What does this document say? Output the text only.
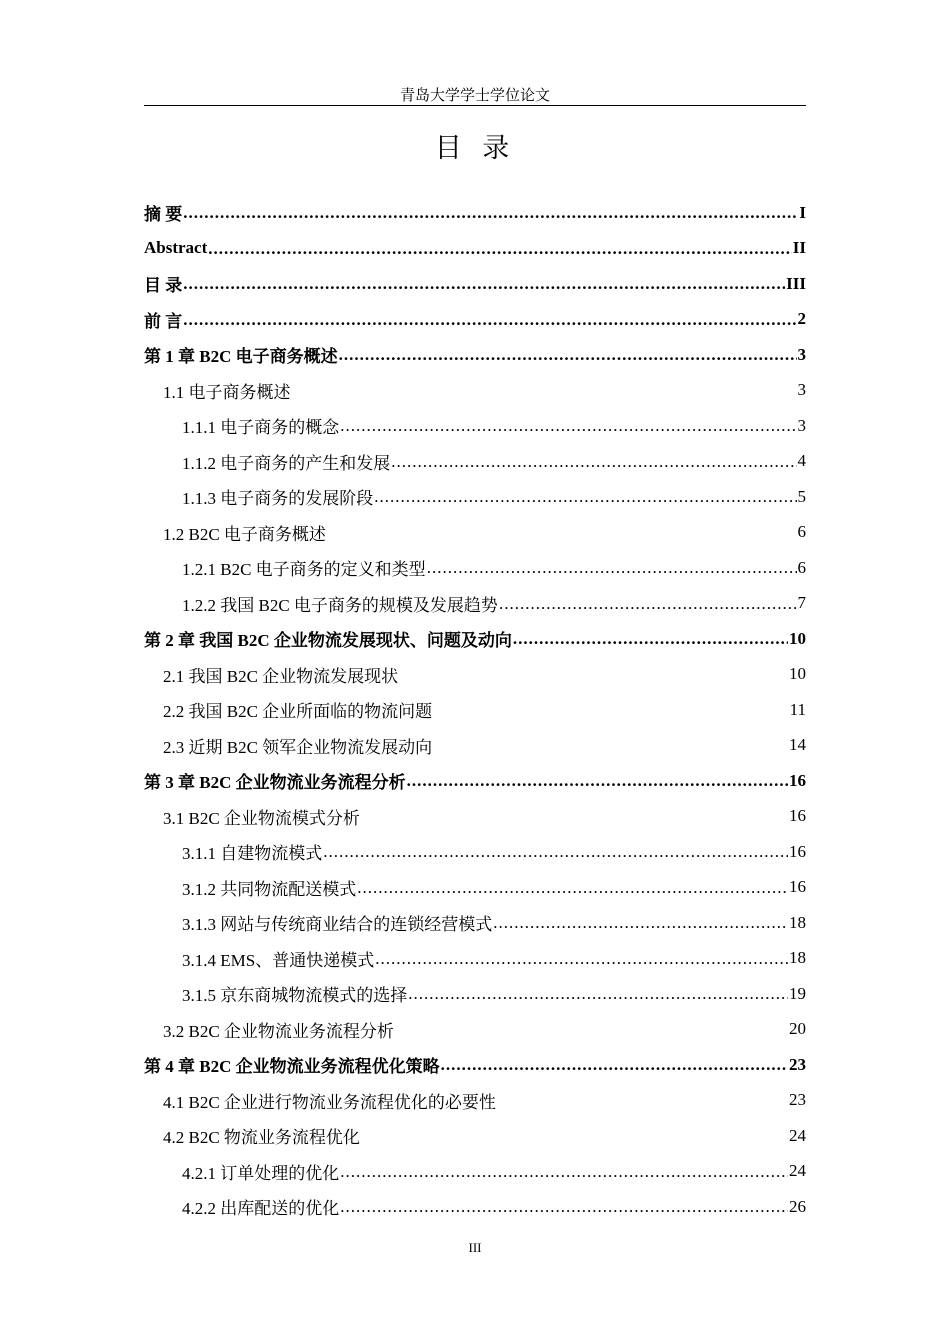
青岛大学学士学位论文
目 录
摘 要 .....	I
Abstract .....	II
目 录 .....	III
前 言 .....	2
第 1 章 B2C 电子商务概述 .....	3
1.1 电子商务概述	3
1.1.1 电子商务的概念 .....	3
1.1.2 电子商务的产生和发展 .....	4
1.1.3 电子商务的发展阶段 .....	5
1.2 B2C 电子商务概述	6
1.2.1 B2C 电子商务的定义和类型 .....	6
1.2.2 我国 B2C 电子商务的规模及发展趋势 .....	7
第 2 章 我国 B2C 企业物流发展现状、问题及动向 .....	10
2.1 我国 B2C 企业物流发展现状	10
2.2 我国 B2C 企业所面临的物流问题	11
2.3 近期 B2C 领军企业物流发展动向	14
第 3 章 B2C 企业物流业务流程分析 .....	16
3.1 B2C 企业物流模式分析	16
3.1.1 自建物流模式 .....	16
3.1.2 共同物流配送模式 .....	16
3.1.3 网站与传统商业结合的连锁经营模式 .....	18
3.1.4 EMS、普通快递模式 .....	18
3.1.5 京东商城物流模式的选择 .....	19
3.2 B2C 企业物流业务流程分析	20
第 4 章 B2C 企业物流业务流程优化策略 .....	23
4.1 B2C 企业进行物流业务流程优化的必要性	23
4.2 B2C 物流业务流程优化	24
4.2.1 订单处理的优化 .....	24
4.2.2 出库配送的优化 .....	26
III
